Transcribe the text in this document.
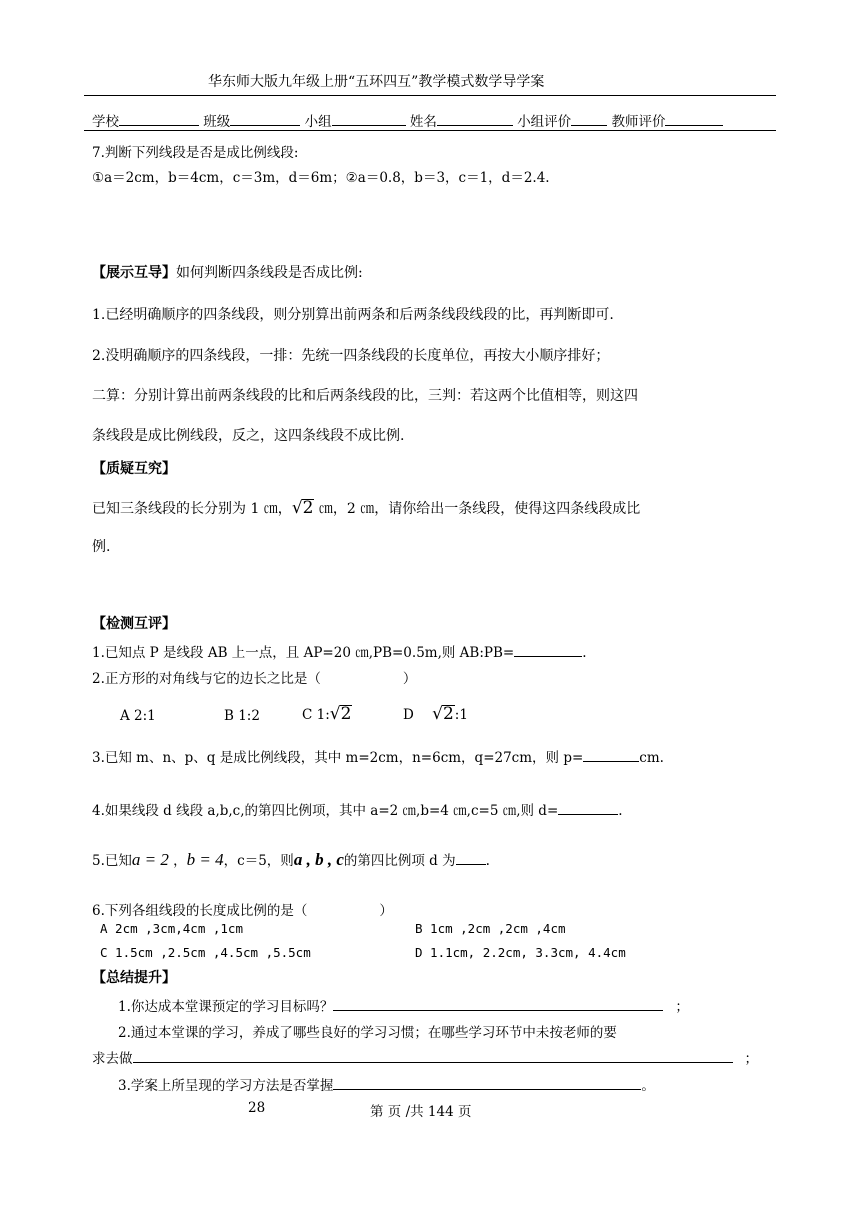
华东师大版九年级上册“五环四互”教学模式数学导学案
学校	班级	小组	姓名	小组评价	教师评价
7.判断下列线段是否是成比例线段:
①a＝2cm，b＝4cm，c＝3m，d＝6m；②a＝0.8，b＝3，c＝1，d＝2.4.
【展示互导】如何判断四条线段是否成比例:
1.已经明确顺序的四条线段，则分别算出前两条和后两条线段线段的比，再判断即可.
2.没明确顺序的四条线段，一排：先统一四条线段的长度单位，再按大小顺序排好；
二算：分别计算出前两条线段的比和后两条线段的比，三判：若这两个比值相等，则这四
条线段是成比例线段，反之，这四条线段不成比例.
【质疑互究】
已知三条线段的长分别为 1 ㎝，√2 ㎝，2 ㎝，请你给出一条线段，使得这四条线段成比
例.
【检测互评】
1.已知点 P 是线段 AB 上一点，且 AP=20 ㎝,PB=0.5m,则 AB:PB=	.
2.正方形的对角线与它的边长之比是（	）
A 2:1	B 1:2	C 1:√2	D √2:1
3.已知 m、n、p、q 是成比例线段，其中 m=2cm，n=6cm，q=27cm，则 p=	cm.
4.如果线段 d 线段 a,b,c,的第四比例项，其中 a=2 ㎝,b=4 ㎝,c=5 ㎝,则 d=	.
5.已知a = 2 ，b = 4，c＝5，则a , b , c的第四比例项 d 为 .
6.下列各组线段的长度成比例的是（	）
A 2cm ,3cm,4cm ,1cm	B 1cm ,2cm ,2cm ,4cm
C 1.5cm ,2.5cm ,4.5cm ,5.5cm	D 1.1cm, 2.2cm, 3.3cm, 4.4cm
【总结提升】
1.你达成本堂课预定的学习目标吗？	；
2.通过本堂课的学习，养成了哪些良好的学习习惯；在哪些学习环节中未按老师的要
求去做	；
3.学案上所呈现的学习方法是否掌握	。
28	第 页 /共 144 页
